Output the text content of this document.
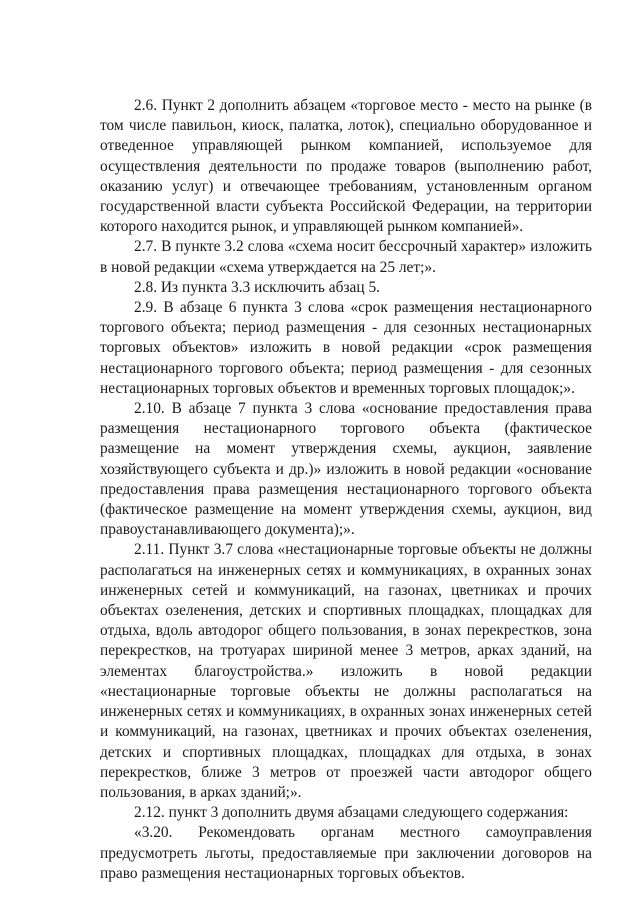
2.6. Пункт 2 дополнить абзацем «торговое место - место на рынке (в том числе павильон, киоск, палатка, лоток), специально оборудованное и отведенное управляющей рынком компанией, используемое для осуществления деятельности по продаже товаров (выполнению работ, оказанию услуг) и отвечающее требованиям, установленным органом государственной власти субъекта Российской Федерации, на территории которого находится рынок, и управляющей рынком компанией».

2.7. В пункте 3.2 слова «схема носит бессрочный характер» изложить в новой редакции «схема утверждается на 25 лет;».

2.8. Из пункта 3.3 исключить абзац 5.

2.9. В абзаце 6 пункта 3 слова «срок размещения нестационарного торгового объекта; период размещения - для сезонных нестационарных торговых объектов» изложить в новой редакции «срок размещения нестационарного торгового объекта; период размещения - для сезонных нестационарных торговых объектов и временных торговых площадок;».

2.10. В абзаце 7 пункта 3 слова «основание предоставления права размещения нестационарного торгового объекта (фактическое размещение на момент утверждения схемы, аукцион, заявление хозяйствующего субъекта и др.)» изложить в новой редакции «основание предоставления права размещения нестационарного торгового объекта (фактическое размещение на момент утверждения схемы, аукцион, вид правоустанавливающего документа);».

2.11. Пункт 3.7 слова «нестационарные торговые объекты не должны располагаться на инженерных сетях и коммуникациях, в охранных зонах инженерных сетей и коммуникаций, на газонах, цветниках и прочих объектах озеленения, детских и спортивных площадках, площадках для отдыха, вдоль автодорог общего пользования, в зонах перекрестков, зона перекрестков, на тротуарах шириной менее 3 метров, арках зданий, на элементах благоустройства.» изложить в новой редакции «нестационарные торговые объекты не должны располагаться на инженерных сетях и коммуникациях, в охранных зонах инженерных сетей и коммуникаций, на газонах, цветниках и прочих объектах озеленения, детских и спортивных площадках, площадках для отдыха, в зонах перекрестков, ближе 3 метров от проезжей части автодорог общего пользования, в арках зданий;».

2.12. пункт 3 дополнить двумя абзацами следующего содержания:

«3.20. Рекомендовать органам местного самоуправления предусмотреть льготы, предоставляемые при заключении договоров на право размещения нестационарных торговых объектов.
